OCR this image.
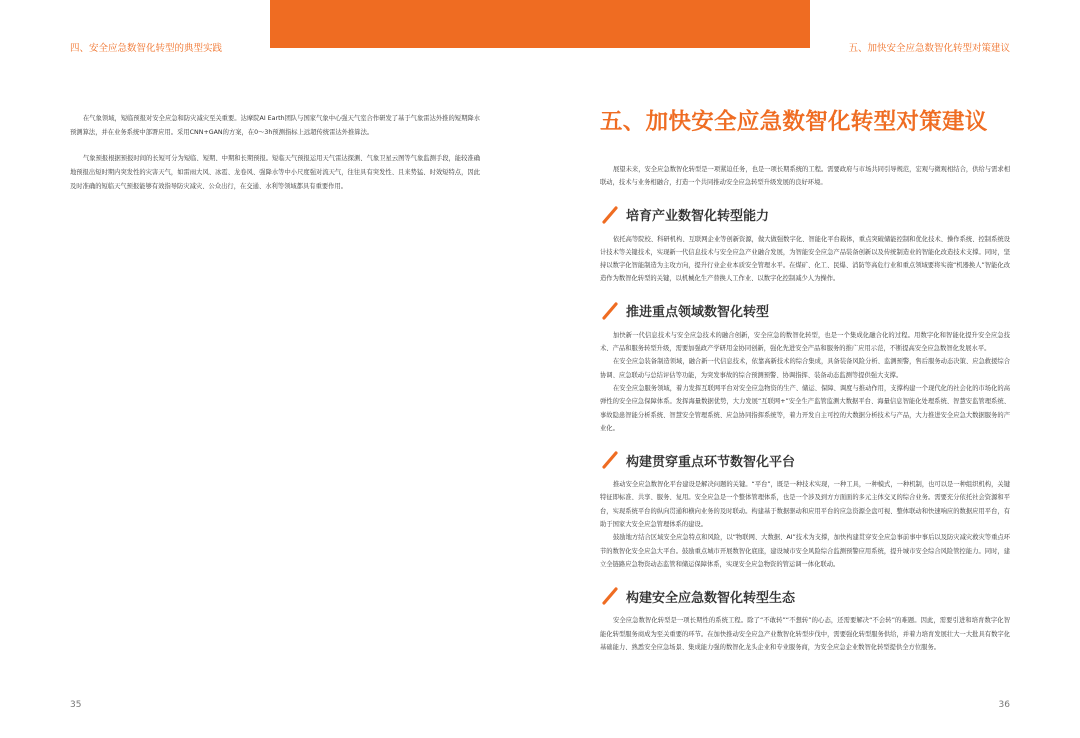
四、安全应急数智化转型的典型实践	五、加快安全应急数智化转型对策建议

在气象领域，短临预报对安全应急和防灾减灾至关重要。达摩院AI Earth团队与国家气象中心强天气室合作研发了基于气象雷达外推的短期降水预测算法，并在业务系统中部署应用。采用CNN+GAN的方案，在0～3h预测指标上远超传统雷达外推算法。

气象预报根据预报时间的长短可分为短临、短期、中期和长期预报。短临天气预报运用天气雷达探测、气象卫星云图等气象监测手段，能较准确地预报出短时期内突发性的灾害天气，如雷雨大风、冰雹、龙卷风、强降水等中小尺度强对流天气，往往具有突发性、且来势猛、时效短特点，因此及时准确的短临天气预报能够有效指导防灾减灾、公众出行，在交通、水利等领域都具有重要作用。

35
五、加快安全应急数智化转型对策建议

展望未来，安全应急数智化转型是一项紧迫任务，也是一项长期系统的工程。需要政府与市场共同引导规范，宏观与微观相结合，供给与需求相联动，技术与业务相融合，打造一个共同推动安全应急转型升级发展的良好环境。

培育产业数智化转型能力

依托高等院校、科研机构、互联网企业等创新资源，做大做强数字化、智能化平台载体，重点突破储能控制和优化技术、操作系统、控制系统设计技术等关键技术，实现新一代信息技术与安全应急产业融合发展，为智能安全应急产品装备创新以及传统制造业的智能化改造技术支撑。同时，坚持以数字化智能制造为主攻方向，提升行业企业本质安全管理水平。在煤矿、化工、民爆、消防等高危行业和重点领域要将实施“机器换人”智能化改造作为数智化转型的关键，以机械化生产替换人工作业、以数字化控制减少人为操作。

推进重点领域数智化转型

加快新一代信息技术与安全应急技术的融合创新，安全应急的数智化转型，也是一个集成化融合化的过程。用数字化和智能化提升安全应急技术、产品和服务转型升级，需要加强政产学研用金协同创新，强化先进安全产品和服务的推广应用示范，不断提高安全应急数智化发展水平。

在安全应急装备制造领域，融合新一代信息技术，依靠高新技术的综合集成，具备装备风险分析、监测预警，售后服务动态决策、应急救援综合协调、应急联动与总结评估等功能，为突发事故的综合预测预警、协调指挥、装备动态监测等提供强大支撑。

在安全应急服务领域，着力发挥互联网平台对安全应急物资的生产、储运、保障、调度与推动作用，支撑构建一个现代化的社会化的市场化的高弹性的安全应急保障体系。发挥海量数据优势，大力发展“互联网+”安全生产监管监测大数据平台、海量信息智能化处理系统、智慧安监管理系统、事故隐患智能分析系统、智慧安全管理系统、应急协同指挥系统等，着力开发自主可控的大数据分析技术与产品，大力推进安全应急大数据服务的产业化。

构建贯穿重点环节数智化平台

推动安全应急数智化平台建设是解决问题的关键。“平台”，既是一种技术实现，一种工具，一种模式，一种机制，也可以是一种组织机构，关键特征即标准、共享、服务、复用。安全应急是一个整体管理体系，也是一个涉及到方方面面的多元主体交叉的综合业务。需要充分依托社会资源和平台，实现系统平台的纵向贯通和横向业务的及时联动。构建基于数据驱动和应用平台的应急资源全盘可视、整体联动和快速响应的数据应用平台，有助于国家大安全应急管理体系的建设。

鼓励地方结合区域安全应急特点和风险，以“物联网、大数据、AI”技术为支撑，加快构建贯穿安全应急事前事中事后以及防灾减灾救灾等重点环节的数智化安全应急大平台。鼓励重点城市开展数智化底座，建设城市安全风险综合监测预警应用系统，提升城市安全综合风险管控能力。同时，建立全链路应急物资动态监管和储运保障体系，实现安全应急物资的管运调一体化联动。

构建安全应急数智化转型生态

安全应急数智化转型是一项长期性的系统工程。除了“不敢转”“不想转”的心态，还需要解决“不会转”的难题。因此，需要引进和培育数字化智能化转型服务商成为至关重要的环节。在加快推动安全应急产业数智化转型步伐中，需要强化转型服务供给，并着力培育发展壮大一大批具有数字化基础能力、熟悉安全应急场景、集成能力强的数智化龙头企业和专业服务商，为安全应急企业数智化转型提供全方位服务。

36
